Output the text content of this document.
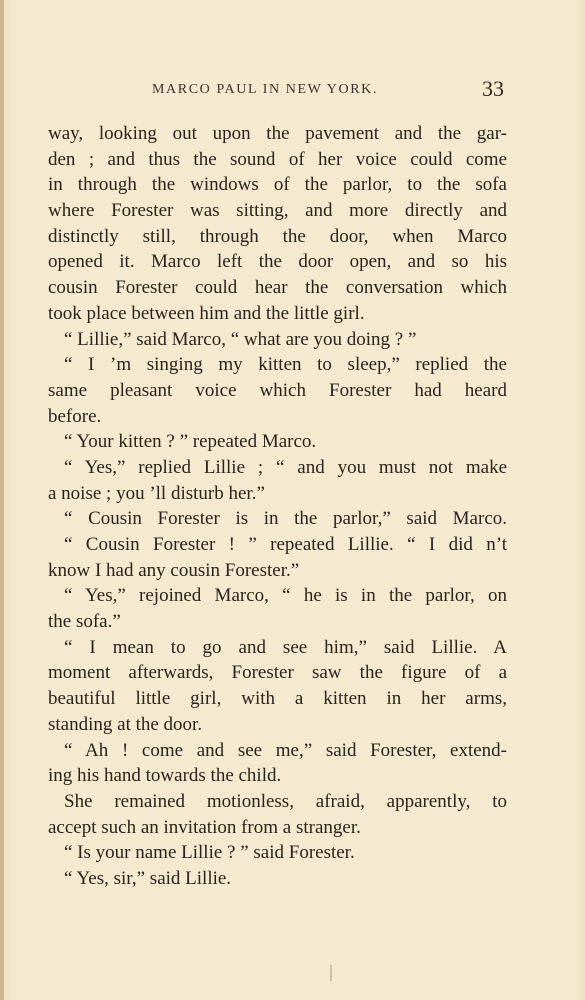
MARCO PAUL IN NEW YORK.	33
way, looking out upon the pavement and the gar-
den ; and thus the sound of her voice could come
in through the windows of the parlor, to the sofa
where Forester was sitting, and more directly and
distinctly still, through the door, when Marco
opened it. Marco left the door open, and so his
cousin Forester could hear the conversation which
took place between him and the little girl.
“ Lillie,” said Marco, “ what are you doing ? ”
“ I ’m singing my kitten to sleep,” replied the
same pleasant voice which Forester had heard
before.
“ Your kitten ? ” repeated Marco.
“ Yes,” replied Lillie ; “ and you must not make
a noise ; you ’ll disturb her.”
“ Cousin Forester is in the parlor,” said Marco.
“ Cousin Forester ! ” repeated Lillie. “ I did n’t
know I had any cousin Forester.”
“ Yes,” rejoined Marco, “ he is in the parlor, on
the sofa.”
“ I mean to go and see him,” said Lillie. A
moment afterwards, Forester saw the figure of a
beautiful little girl, with a kitten in her arms,
standing at the door.
“ Ah ! come and see me,” said Forester, extend-
ing his hand towards the child.
She remained motionless, afraid, apparently, to
accept such an invitation from a stranger.
“ Is your name Lillie ? ” said Forester.
“ Yes, sir,” said Lillie.
